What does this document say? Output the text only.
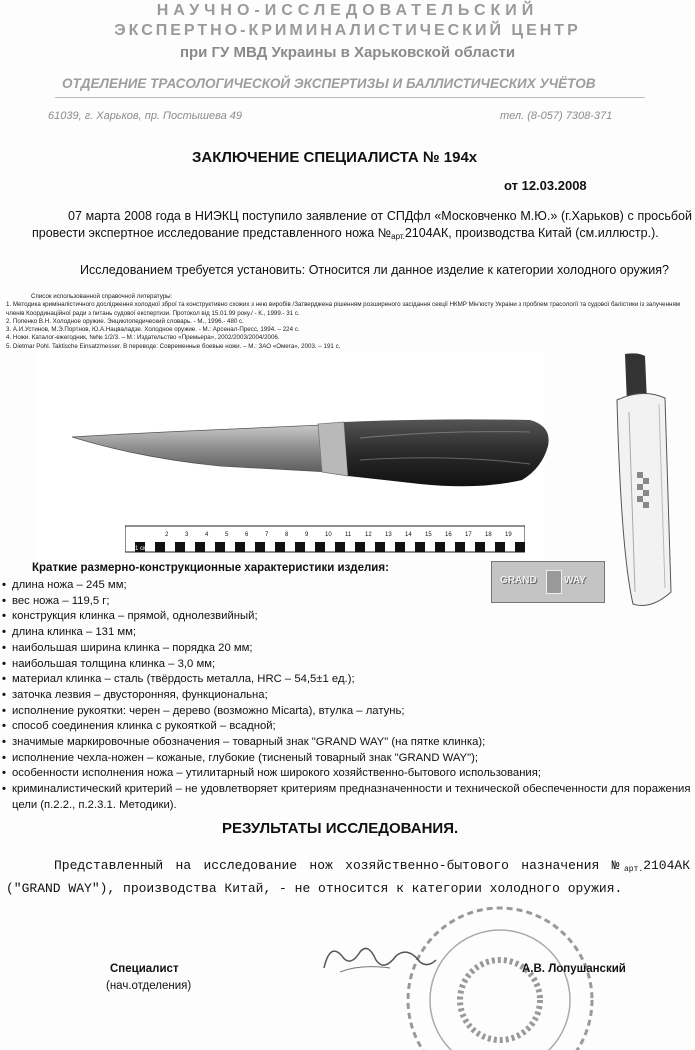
НАУЧНО-ИССЛЕДОВАТЕЛЬСКИЙ
ЭКСПЕРТНО-КРИМИНАЛИСТИЧЕСКИЙ ЦЕНТР
при ГУ МВД Украины в Харьковской области
ОТДЕЛЕНИЕ ТРАСОЛОГИЧЕСКОЙ ЭКСПЕРТИЗЫ И БАЛЛИСТИЧЕСКИХ УЧЁТОВ
61039, г. Харьков, пр. Постышева 49	тел. (8-057) 7308-371
ЗАКЛЮЧЕНИЕ СПЕЦИАЛИСТА № 194х
от 12.03.2008
07 марта 2008 года в НИЭКЦ поступило заявление от СПДфл «Московченко М.Ю.» (г.Харьков) с просьбой провести экспертное исследование представленного ножа $№_{арт.}2104АК$, производства Китай (см.иллюстр.).
Исследованием требуется установить: Относится ли данное изделие к категории холодного оружия?
Список использованной справочной литературы:
1. Методика криміналістичного дослідження холодної зброї та конструктивно схожих з нею виробів /Затверджена рішенням розширеного засідання секції НКМР Мін'юсту Украіни з проблем трасології та судової балістики із залученням членів Координаційної ради з питань судової експертизи. Протокол від 15.01.99 року./ - К., 1999.- 31 с.
2. Попенко В.Н. Холодное оружие. Энциклопедический словарь. - М., 1996.- 480 с.
3. А.И.Устинов, М.Э.Портнов, Ю.А.Нацваладзе. Холодное оружие. - М.: Арсенал-Пресс, 1994. – 224 с.
4. Ножи. Каталог-ежегодник, №№ 1/2/3. – М.: Издательство «Премьера», 2002/2003/2004/2006.
5. Dietmar Pohl. Taktische Einsatzmesser. В переводе: Современные боевые ножи. – М.: ЗАО «Омега», 2003. – 191 с.
1 см
2	3	4	5	6	7	8	9	10 11 12 13 14 15 16 17 18 19
GRAND	WAY
Краткие размерно-конструкционные характеристики изделия:
• длина ножа – 245 мм;
• вес ножа – 119,5 г;
• конструкция клинка – прямой, однолезвийный;
• длина клинка – 131 мм;
• наибольшая ширина клинка – порядка 20 мм;
• наибольшая толщина клинка – 3,0 мм;
• материал клинка – сталь (твёрдость металла, HRC – 54,5±1 ед.);
• заточка лезвия – двусторонняя, функциональна;
• исполнение рукоятки: черен – дерево (возможно Micarta), втулка – латунь;
• способ соединения клинка с рукояткой – всадной;
• значимые маркировочные обозначения – товарный знак "GRAND WAY" (на пятке клинка);
• исполнение чехла-ножен – кожаные, глубокие (тисненый товарный знак "GRAND WAY");
• особенности исполнения ножа – утилитарный нож широкого хозяйственно-бытового использования;
• криминалистический критерий – не удовлетворяет критериям предназначенности и технической обеспеченности для поражения цели (п.2.2., п.2.3.1. Методики).
РЕЗУЛЬТАТЫ ИССЛЕДОВАНИЯ.
Представленный на исследование нож хозяйственно-бытового назначения $№_{арт.}2104АК$ ("GRAND WAY"), производства Китай, - не относится к категории холодного оружия.
Специалист
(нач.отделения)
А.В. Лопушанский
